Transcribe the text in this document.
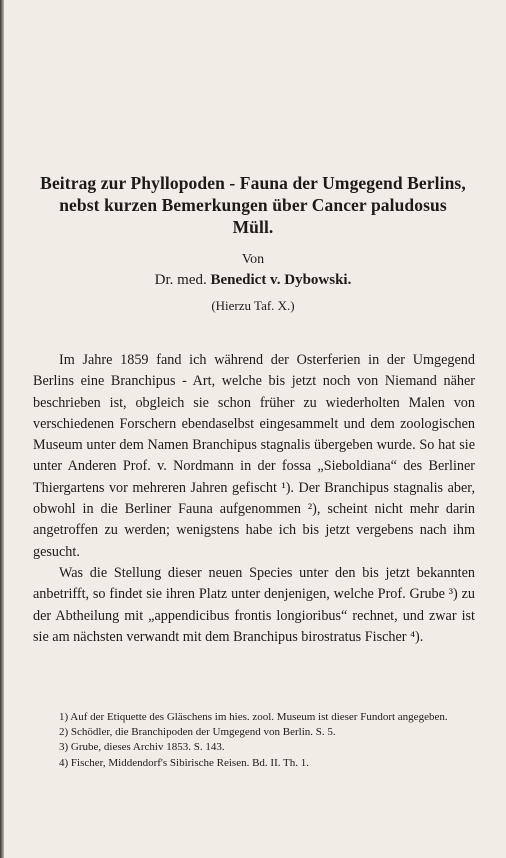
Beitrag zur Phyllopoden - Fauna der Umgegend Berlins, nebst kurzen Bemerkungen über Cancer paludosus Müll.
Von
Dr. med. Benedict v. Dybowski.
(Hierzu Taf. X.)

Im Jahre 1859 fand ich während der Osterferien in der Umgegend Berlins eine Branchipus - Art, welche bis jetzt noch von Niemand näher beschrieben ist, obgleich sie schon früher zu wiederholten Malen von verschiedenen Forschern ebendaselbst eingesammelt und dem zoologischen Museum unter dem Namen Branchipus stagnalis übergeben wurde. So hat sie unter Anderen Prof. v. Nordmann in der fossa „Sieboldiana“ des Berliner Thiergartens vor mehreren Jahren gefischt ¹). Der Branchipus stagnalis aber, obwohl in die Berliner Fauna aufgenommen ²), scheint nicht mehr darin angetroffen zu werden; wenigstens habe ich bis jetzt vergebens nach ihm gesucht.

Was die Stellung dieser neuen Species unter den bis jetzt bekannten anbetrifft, so findet sie ihren Platz unter denjenigen, welche Prof. Grube ³) zu der Abtheilung mit „appendicibus frontis longioribus“ rechnet, und zwar ist sie am nächsten verwandt mit dem Branchipus birostratus Fischer ⁴).

1) Auf der Etiquette des Gläschens im hies. zool. Museum ist dieser Fundort angegeben.
2) Schödler, die Branchipoden der Umgegend von Berlin. S. 5.
3) Grube, dieses Archiv 1853. S. 143.
4) Fischer, Middendorf's Sibirische Reisen. Bd. II. Th. 1.
